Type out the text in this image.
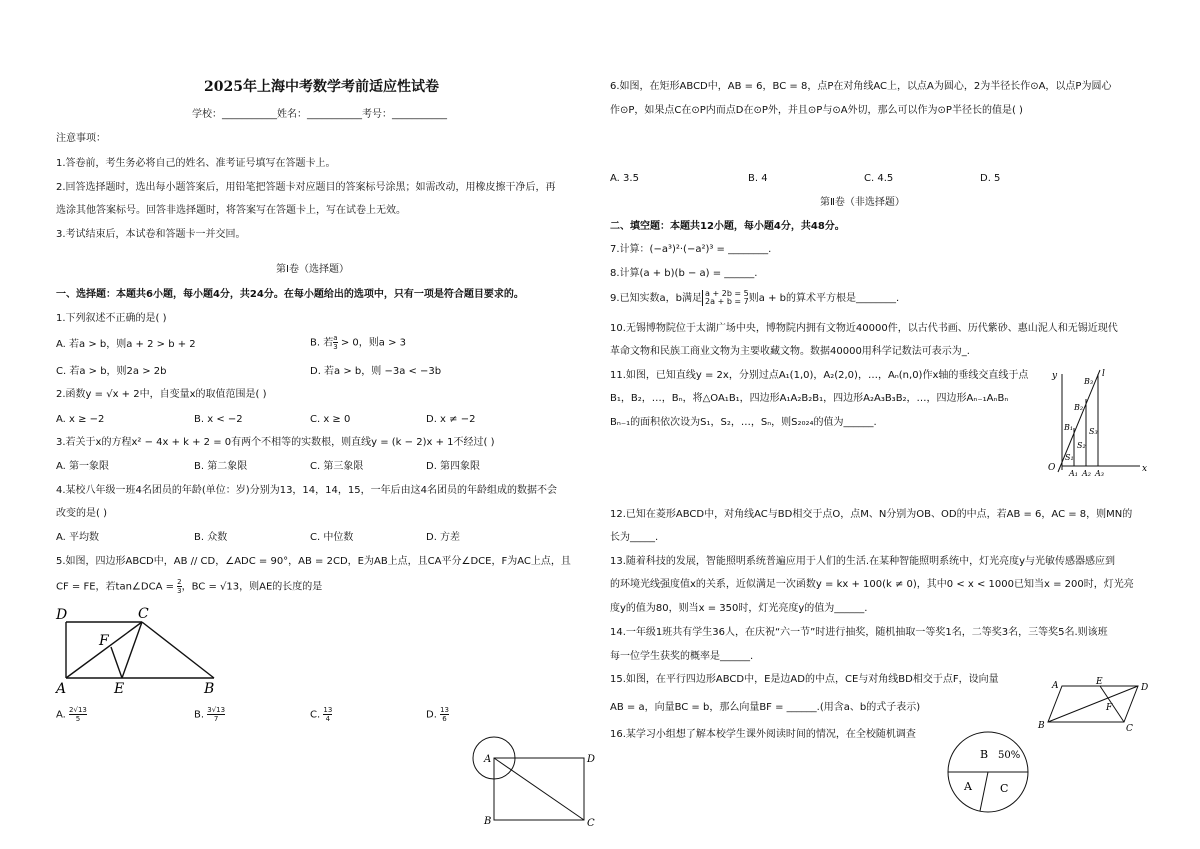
2025年上海中考数学考前适应性试卷
学校：___________姓名：___________考号：___________
注意事项：
1.答卷前，考生务必将自己的姓名、准考证号填写在答题卡上。
2.回答选择题时，选出每小题答案后，用铅笔把答题卡对应题目的答案标号涂黑；如需改动，用橡皮擦干净后，再
选涂其他答案标号。回答非选择题时，将答案写在答题卡上，写在试卷上无效。
3.考试结束后，本试卷和答题卡一并交回。
第Ⅰ卷（选择题）
一、选择题：本题共6小题，每小题4分，共24分。在每小题给出的选项中，只有一项是符合题目要求的。
1.下列叙述不正确的是( )
A. 若a > b，则a + 2 > b + 2	B. 若 $\frac{a}{3} > 0$，则a > 3
C. 若a > b，则2a > 2b	D. 若a > b，则 −3a < −3b
2.函数y = √x + 2中，自变量x的取值范围是( )
A. x ≥ −2	B. x < −2	C. x ≥ 0	D. x ≠ −2
3.若关于x的方程x² − 4x + k + 2 = 0有两个不相等的实数根，则直线y = (k − 2)x + 1不经过( )
A. 第一象限	B. 第二象限	C. 第三象限	D. 第四象限
4.某校八年级一班4名团员的年龄(单位：岁)分别为13，14，14，15，一年后由这4名团员的年龄组成的数据不会
改变的是( )
A. 平均数	B. 众数	C. 中位数	D. 方差
5.如图，四边形ABCD中，AB // CD，∠ADC = 90°，AB = 2CD，E为AB上点，且CA平分∠DCE，F为AC上点，且
CF = FE，若tan∠DCA = $\frac{2}{3}$ ，BC = √13，则AE的长度的是
D	C
F
A	E	B
A. $\frac{2√13}{5}$	B. $\frac{3√13}{7}$	C. $\frac{13}{4}$	D. $\frac{13}{6}$
A	D
B	C
6.如图，在矩形ABCD中，AB = 6，BC = 8，点P在对角线AC上，以点A为圆心，2为半径长作⊙A，以点P为圆心
作⊙P，如果点C在⊙P内而点D在⊙P外，并且⊙P与⊙A外切，那么可以作为⊙P半径长的值是( )
A. 3.5	B. 4	C. 4.5	D. 5
第Ⅱ卷（非选择题）
二、填空题：本题共12小题，每小题4分，共48分。
7.计算：(−a³)²·(−a²)³ = ________.
8.计算(a + b)(b − a) = ______.
9.已知实数a，b满足 a + 2b = 5
2a + b = 7 则a + b的算术平方根是________.
10.无锡博物院位于太湖广场中央，博物院内拥有文物近40000件，以古代书画、历代紫砂、惠山泥人和无锡近现代
革命文物和民族工商业文物为主要收藏文物。数据40000用科学记数法可表示为_.
11.如图，已知直线y = 2x，分别过点A₁(1,0)，A₂(2,0)，…，Aₙ(n,0)作x轴的垂线交直线于点
B₁，B₂，…，Bₙ，将△OA₁B₁，四边形A₁A₂B₂B₁，四边形A₂A₃B₃B₂，…，四边形Aₙ₋₁AₙBₙ
Bₙ₋₁的面积依次设为S₁，S₂，…，Sₙ，则S₂₀₂₄的值为______.
y	l
O	x
B₃
B₂
B₁ S₃
S₂
S₁
A₁ A₂ A₃
12.已知在菱形ABCD中，对角线AC与BD相交于点O，点M、N分别为OB、OD的中点，若AB = 6，AC = 8，则MN的
长为_____.
13.随着科技的发展，智能照明系统普遍应用于人们的生活.在某种智能照明系统中，灯光亮度y与光敏传感器感应到
的环境光线强度值x的关系，近似满足一次函数y = kx + 100(k ≠ 0)，其中0 < x < 1000已知当x = 200时，灯光亮
度y的值为80，则当x = 350时，灯光亮度y的值为______.
14.一年级1班共有学生36人，在庆祝“六一节”时进行抽奖，随机抽取一等奖1名，二等奖3名，三等奖5名.则该班
每一位学生获奖的概率是______.
15.如图，在平行四边形ABCD中，E是边AD的中点，CE与对角线BD相交于点F，设向量
AB = a，向量BC = b，那么向量BF = ______.(用含a、b的式子表示)
A	E
D
F
B	C
16.某学习小组想了解本校学生课外阅读时间的情况，在全校随机调查
B 50%
A	C
